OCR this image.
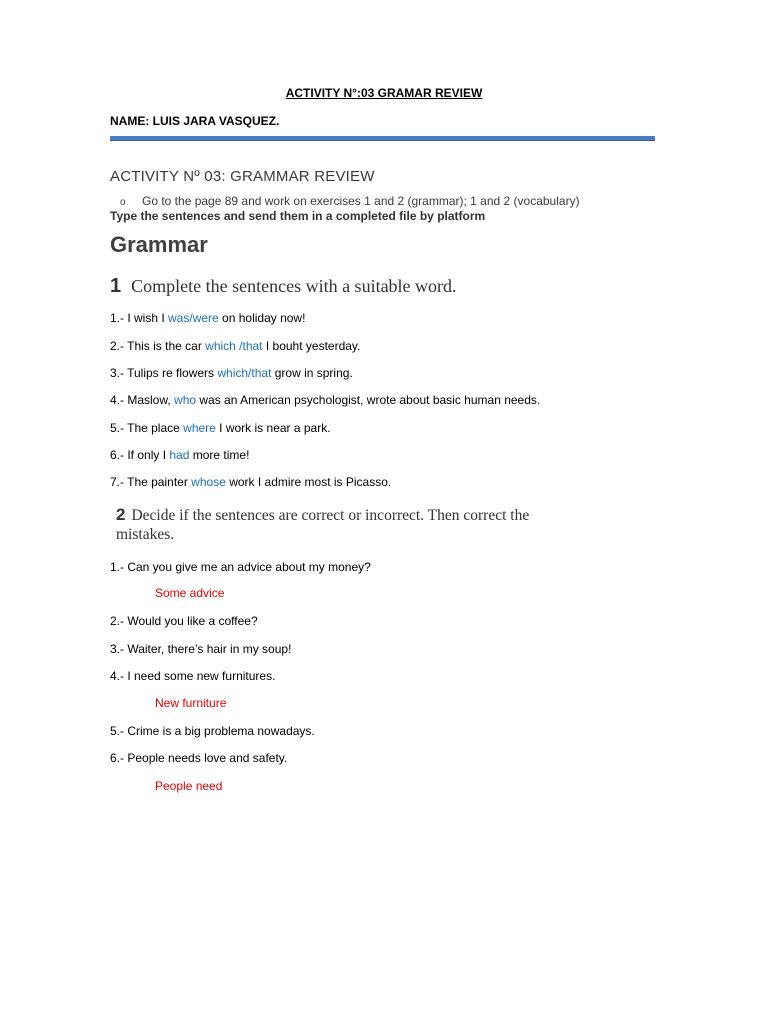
ACTIVITY N°:03 GRAMAR REVIEW
NAME: LUIS JARA VASQUEZ.
ACTIVITY Nº 03: GRAMMAR REVIEW
o Go to the page 89 and work on exercises 1 and 2 (grammar); 1 and 2 (vocabulary)
Type the sentences and send them in a completed file by platform
Grammar
1 Complete the sentences with a suitable word.
1.- I wish I was/were on holiday now!
2.- This is the car which /that I bouht yesterday.
3.- Tulips re flowers which/that grow in spring.
4.- Maslow, who was an American psychologist, wrote about basic human needs.
5.- The place where I work is near a park.
6.- If only I had more time!
7.- The painter whose work I admire most is Picasso.
2 Decide if the sentences are correct or incorrect. Then correct the mistakes.
1.- Can you give me an advice about my money?
Some advice
2.- Would you like a coffee?
3.- Waiter, there’s hair in my soup!
4.- I need some new furnitures.
New furniture
5.- Crime is a big problema nowadays.
6.- People needs love and safety.
People need
